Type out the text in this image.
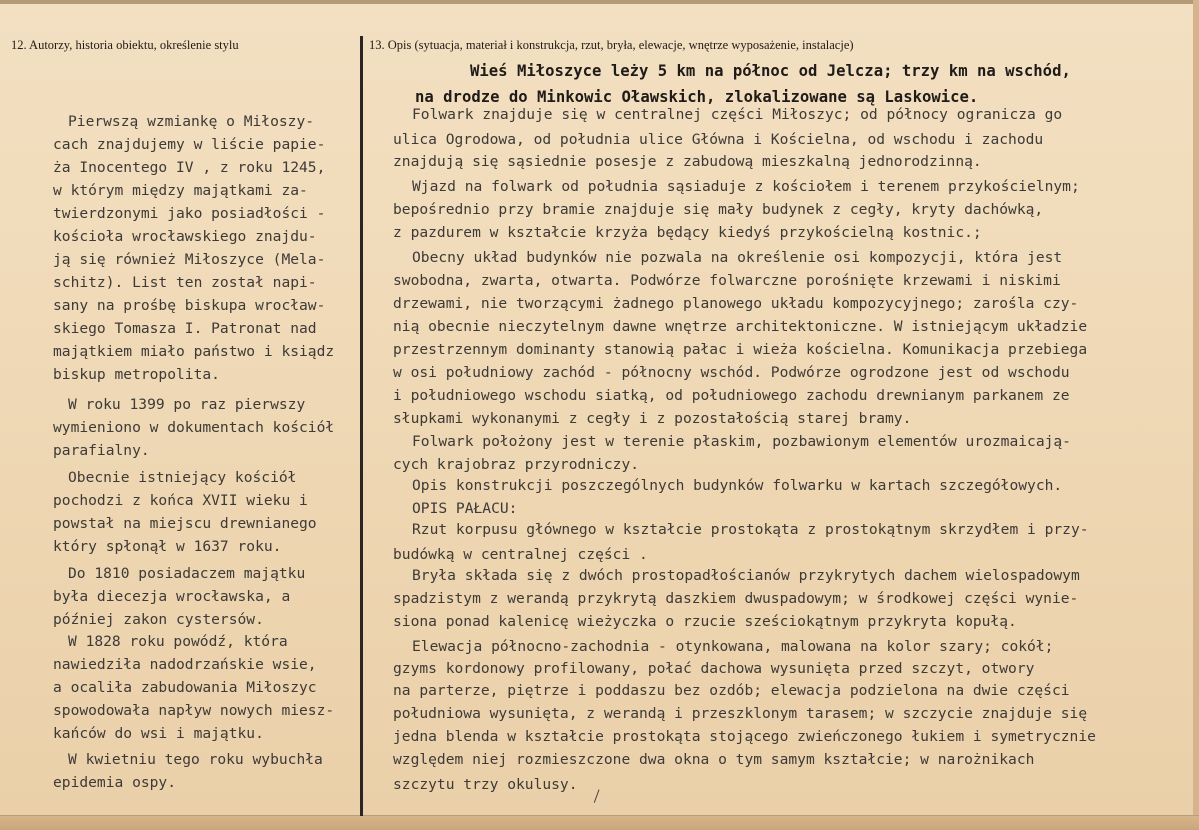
12. Autorzy, historia obiektu, określenie stylu	13. Opis (sytuacja, materiał i konstrukcja, rzut, bryła, elewacje, wnętrze wyposażenie, instalacje)
Pierwszą wzmiankę o Miłoszy-
cach znajdujemy w liście papie-
ża Inocentego IV , z roku 1245,
w którym między majątkami za-
twierdzonymi jako posiadłości -
kościoła wrocławskiego znajdu-
ją się również Miłoszyce (Mela-
schitz). List ten został napi-
sany na prośbę biskupa wrocław-
skiego Tomasza I. Patronat nad
majątkiem miało państwo i ksiądz
biskup metropolita.
W roku 1399 po raz pierwszy
wymieniono w dokumentach kościół
parafialny.
Obecnie istniejący kościół
pochodzi z końca XVII wieku i
powstał na miejscu drewnianego
który spłonął w 1637 roku.
Do 1810 posiadaczem majątku
była diecezja wrocławska, a
później zakon cystersów.
W 1828 roku powódź, która
nawiedziła nadodrzańskie wsie,
a ocaliła zabudowania Miłoszyc
spowodowała napływ nowych miesz-
kańców do wsi i majątku.
W kwietniu tego roku wybuchła
epidemia ospy.
Wieś Miłoszyce leży 5 km na północ od Jelcza; trzy km na wschód,
na drodze do Minkowic Oławskich, zlokalizowane są Laskowice.
Folwark znajduje się w centralnej części Miłoszyc; od północy ogranicza go
ulica Ogrodowa, od południa ulice Główna i Kościelna, od wschodu i zachodu
znajdują się sąsiednie posesje z zabudową mieszkalną jednorodzinną.
Wjazd na folwark od południa sąsiaduje z kościołem i terenem przykościelnym;
bepośrednio przy bramie znajduje się mały budynek z cegły, kryty dachówką,
z pazdurem w kształcie krzyża będący kiedyś przykościelną kostnic.;
Obecny układ budynków nie pozwala na określenie osi kompozycji, która jest
swobodna, zwarta, otwarta. Podwórze folwarczne porośnięte krzewami i niskimi
drzewami, nie tworzącymi żadnego planowego układu kompozycyjnego; zarośla czy-
nią obecnie nieczytelnym dawne wnętrze architektoniczne. W istniejącym układzie
przestrzennym dominanty stanowią pałac i wieża kościelna. Komunikacja przebiega
w osi południowy zachód - północny wschód. Podwórze ogrodzone jest od wschodu
i południowego wschodu siatką, od południowego zachodu drewnianym parkanem ze
słupkami wykonanymi z cegły i z pozostałością starej bramy.
Folwark położony jest w terenie płaskim, pozbawionym elementów urozmaicają-
cych krajobraz przyrodniczy.
Opis konstrukcji poszczególnych budynków folwarku w kartach szczegółowych.
OPIS PAŁACU:
Rzut korpusu głównego w kształcie prostokąta z prostokątnym skrzydłem i przy-
budówką w centralnej części .
Bryła składa się z dwóch prostopadłościanów przykrytych dachem wielospadowym
spadzistym z werandą przykrytą daszkiem dwuspadowym; w środkowej części wynie-
siona ponad kalenicę wieżyczka o rzucie sześciokątnym przykryta kopułą.
Elewacja północno-zachodnia - otynkowana, malowana na kolor szary; cokół;
gzyms kordonowy profilowany, połać dachowa wysunięta przed szczyt, otwory
na parterze, piętrze i poddaszu bez ozdób; elewacja podzielona na dwie części
południowa wysunięta, z werandą i przeszklonym tarasem; w szczycie znajduje się
jedna blenda w kształcie prostokąta stojącego zwieńczonego łukiem i symetrycznie
względem niej rozmieszczone dwa okna o tym samym kształcie; w narożnikach
szczytu trzy okulusy.
